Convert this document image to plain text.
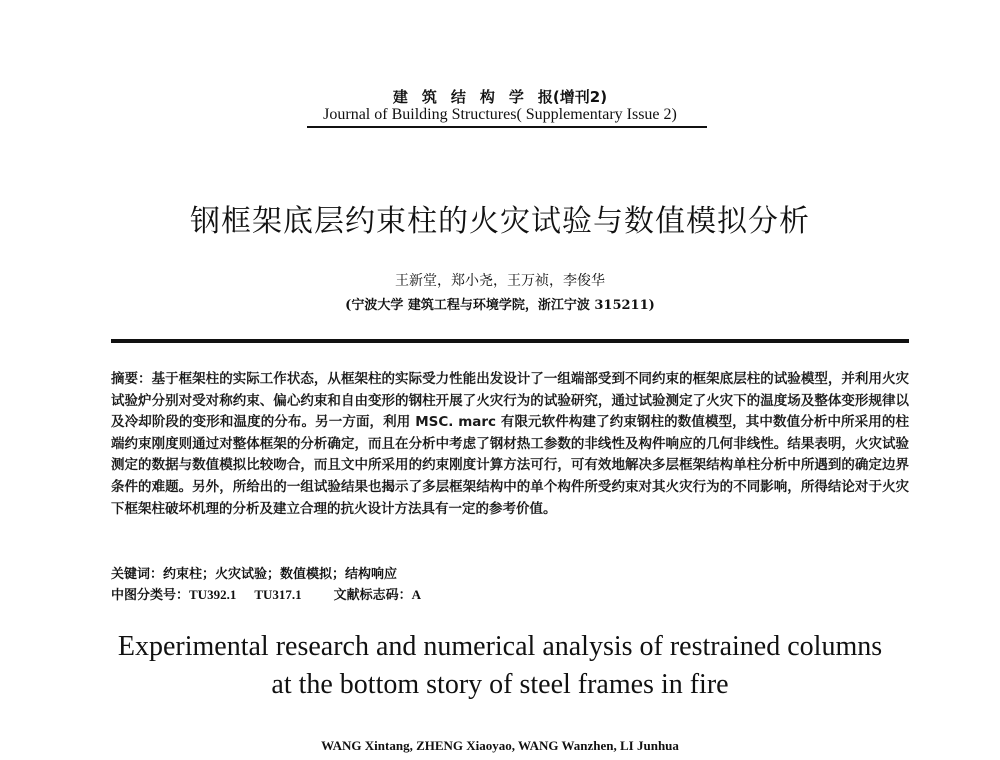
建筑结构学报(增刊2)
Journal of Building Structures( Supplementary Issue 2)
钢框架底层约束柱的火灾试验与数值模拟分析
王新堂，郑小尧，王万祯，李俊华
(宁波大学 建筑工程与环境学院，浙江宁波 315211)
摘要：基于框架柱的实际工作状态，从框架柱的实际受力性能出发设计了一组端部受到不同约束的框架底层柱的试验模型，并利用火灾试验炉分别对受对称约束、偏心约束和自由变形的钢柱开展了火灾行为的试验研究，通过试验测定了火灾下的温度场及整体变形规律以及冷却阶段的变形和温度的分布。另一方面，利用 MSC. marc 有限元软件构建了约束钢柱的数值模型，其中数值分析中所采用的柱端约束刚度则通过对整体框架的分析确定，而且在分析中考虑了钢材热工参数的非线性及构件响应的几何非线性。结果表明，火灾试验测定的数据与数值模拟比较吻合，而且文中所采用的约束刚度计算方法可行，可有效地解决多层框架结构单柱分析中所遇到的确定边界条件的难题。另外，所给出的一组试验结果也揭示了多层框架结构中的单个构件所受约束对其火灾行为的不同影响，所得结论对于火灾下框架柱破坏机理的分析及建立合理的抗火设计方法具有一定的参考价值。
关键词：约束柱；火灾试验；数值模拟；结构响应
中图分类号：TU392.1 TU317.1 文献标志码：A
Experimental research and numerical analysis of restrained columns
at the bottom story of steel frames in fire
WANG Xintang, ZHENG Xiaoyao, WANG Wanzhen, LI Junhua
